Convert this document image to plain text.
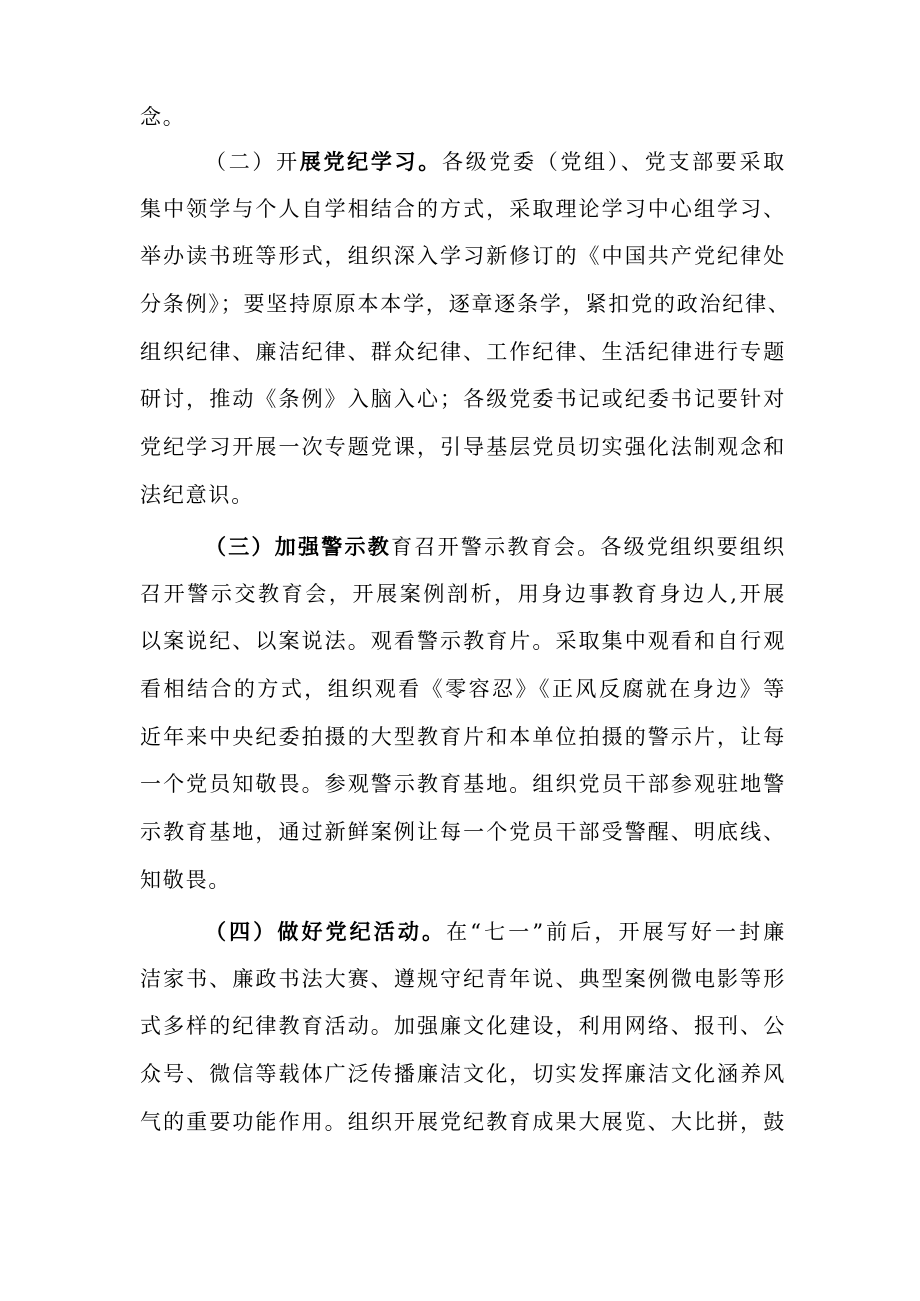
念。
（二）开展党纪学习。各级党委（党组）、党支部要采取
集中领学与个人自学相结合的方式，采取理论学习中心组学习、
举办读书班等形式，组织深入学习新修订的《中国共产党纪律处
分条例》；要坚持原原本本学，逐章逐条学，紧扣党的政治纪律、
组织纪律、廉洁纪律、群众纪律、工作纪律、生活纪律进行专题
研讨，推动《条例》入脑入心；各级党委书记或纪委书记要针对
党纪学习开展一次专题党课，引导基层党员切实强化法制观念和
法纪意识。
（三）加强警示教育召开警示教育会。各级党组织要组织
召开警示交教育会，开展案例剖析，用身边事教育身边人,开展
以案说纪、以案说法。观看警示教育片。采取集中观看和自行观
看相结合的方式，组织观看《零容忍》《正风反腐就在身边》等
近年来中央纪委拍摄的大型教育片和本单位拍摄的警示片，让每
一个党员知敬畏。参观警示教育基地。组织党员干部参观驻地警
示教育基地，通过新鲜案例让每一个党员干部受警醒、明底线、
知敬畏。
（四）做好党纪活动。在“七一”前后，开展写好一封廉
洁家书、廉政书法大赛、遵规守纪青年说、典型案例微电影等形
式多样的纪律教育活动。加强廉文化建设，利用网络、报刊、公
众号、微信等载体广泛传播廉洁文化，切实发挥廉洁文化涵养风
气的重要功能作用。组织开展党纪教育成果大展览、大比拼，鼓
